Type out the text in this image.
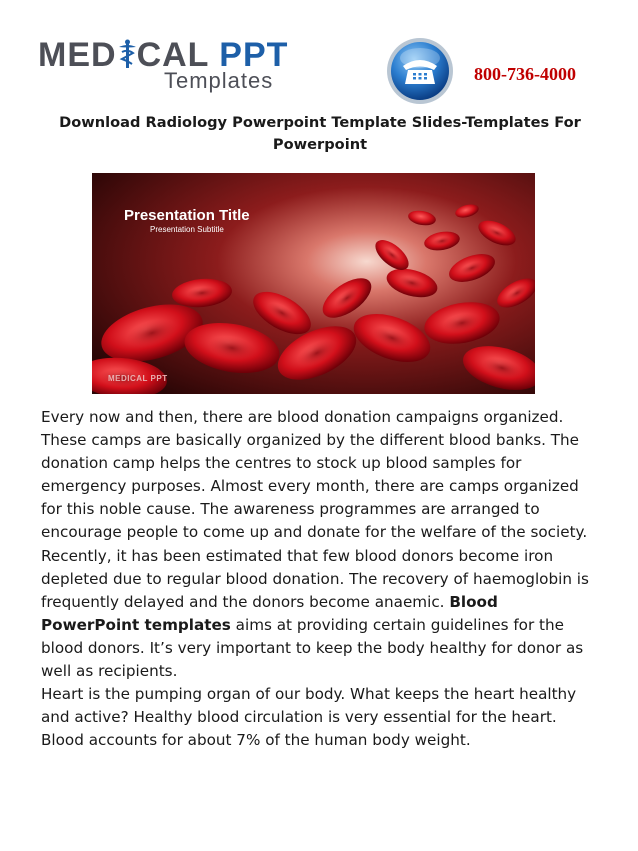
MED CAL PPT
Templates	800-736-4000
Download Radiology Powerpoint Template Slides-Templates For Powerpoint
Presentation Title
Presentation Subtitle
MEDICAL PPT

Every now and then, there are blood donation campaigns organized. These camps are basically organized by the different blood banks. The donation camp helps the centres to stock up blood samples for emergency purposes. Almost every month, there are camps organized for this noble cause. The awareness programmes are arranged to encourage people to come up and donate for the welfare of the society. Recently, it has been estimated that few blood donors become iron depleted due to regular blood donation. The recovery of haemoglobin is frequently delayed and the donors become anaemic. Blood PowerPoint templates aims at providing certain guidelines for the blood donors. It’s very important to keep the body healthy for donor as well as recipients.
Heart is the pumping organ of our body. What keeps the heart healthy and active? Healthy blood circulation is very essential for the heart. Blood accounts for about 7% of the human body weight.
